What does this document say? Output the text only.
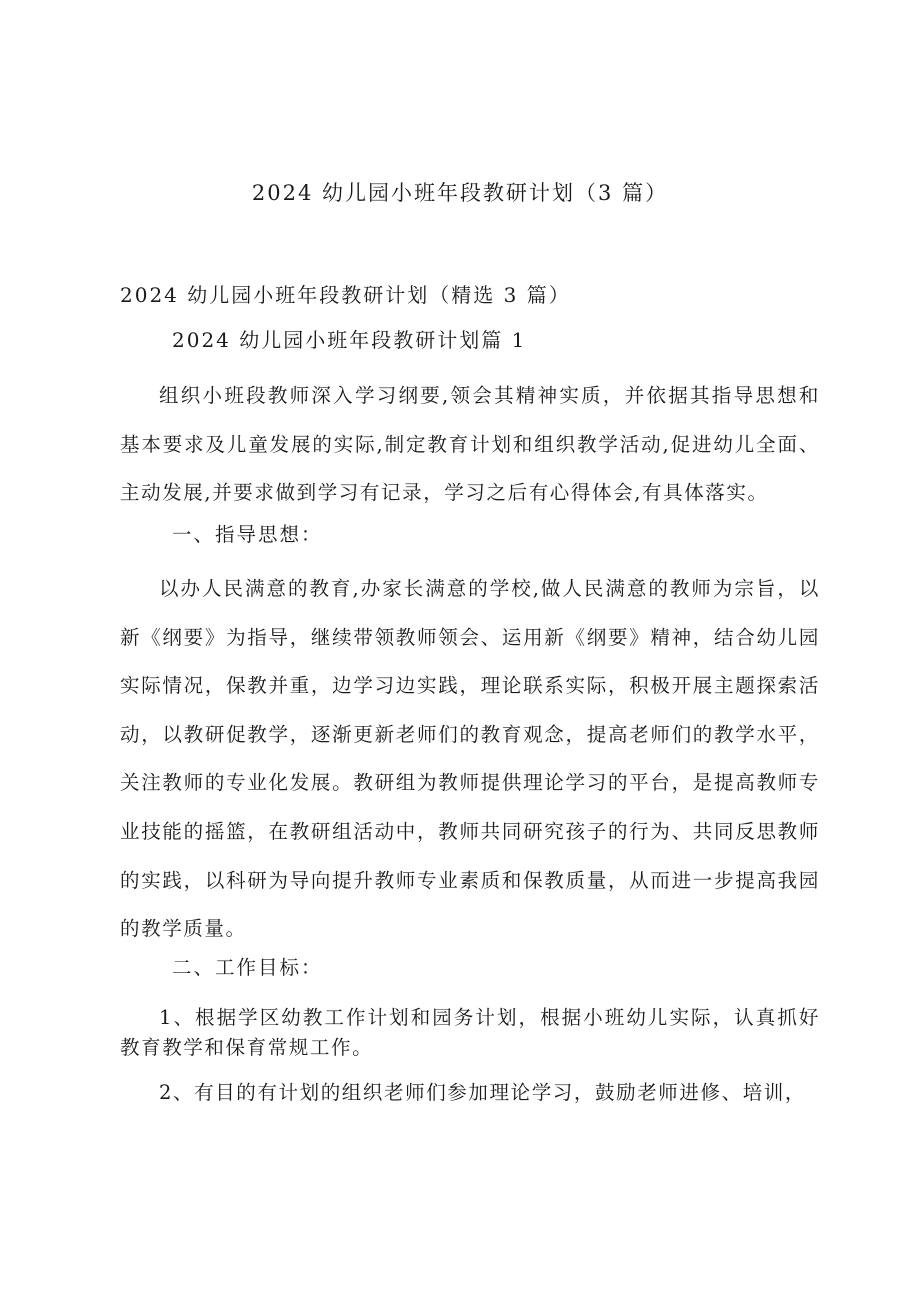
2024 幼儿园小班年段教研计划（3 篇）
2024 幼儿园小班年段教研计划（精选 3 篇）
2024 幼儿园小班年段教研计划篇 1

组织小班段教师深入学习纲要,领会其精神实质，并依据其指导思想和基本要求及儿童发展的实际,制定教育计划和组织教学活动,促进幼儿全面、主动发展,并要求做到学习有记录，学习之后有心得体会,有具体落实。

一、指导思想：

以办人民满意的教育,办家长满意的学校,做人民满意的教师为宗旨，以新《纲要》为指导，继续带领教师领会、运用新《纲要》精神，结合幼儿园实际情况，保教并重，边学习边实践，理论联系实际，积极开展主题探索活动，以教研促教学，逐渐更新老师们的教育观念，提高老师们的教学水平，关注教师的专业化发展。教研组为教师提供理论学习的平台，是提高教师专业技能的摇篮，在教研组活动中，教师共同研究孩子的行为、共同反思教师的实践，以科研为导向提升教师专业素质和保教质量，从而进一步提高我园的教学质量。

二、工作目标：

1、根据学区幼教工作计划和园务计划，根据小班幼儿实际，认真抓好教育教学和保育常规工作。

2、有目的有计划的组织老师们参加理论学习，鼓励老师进修、培训，
